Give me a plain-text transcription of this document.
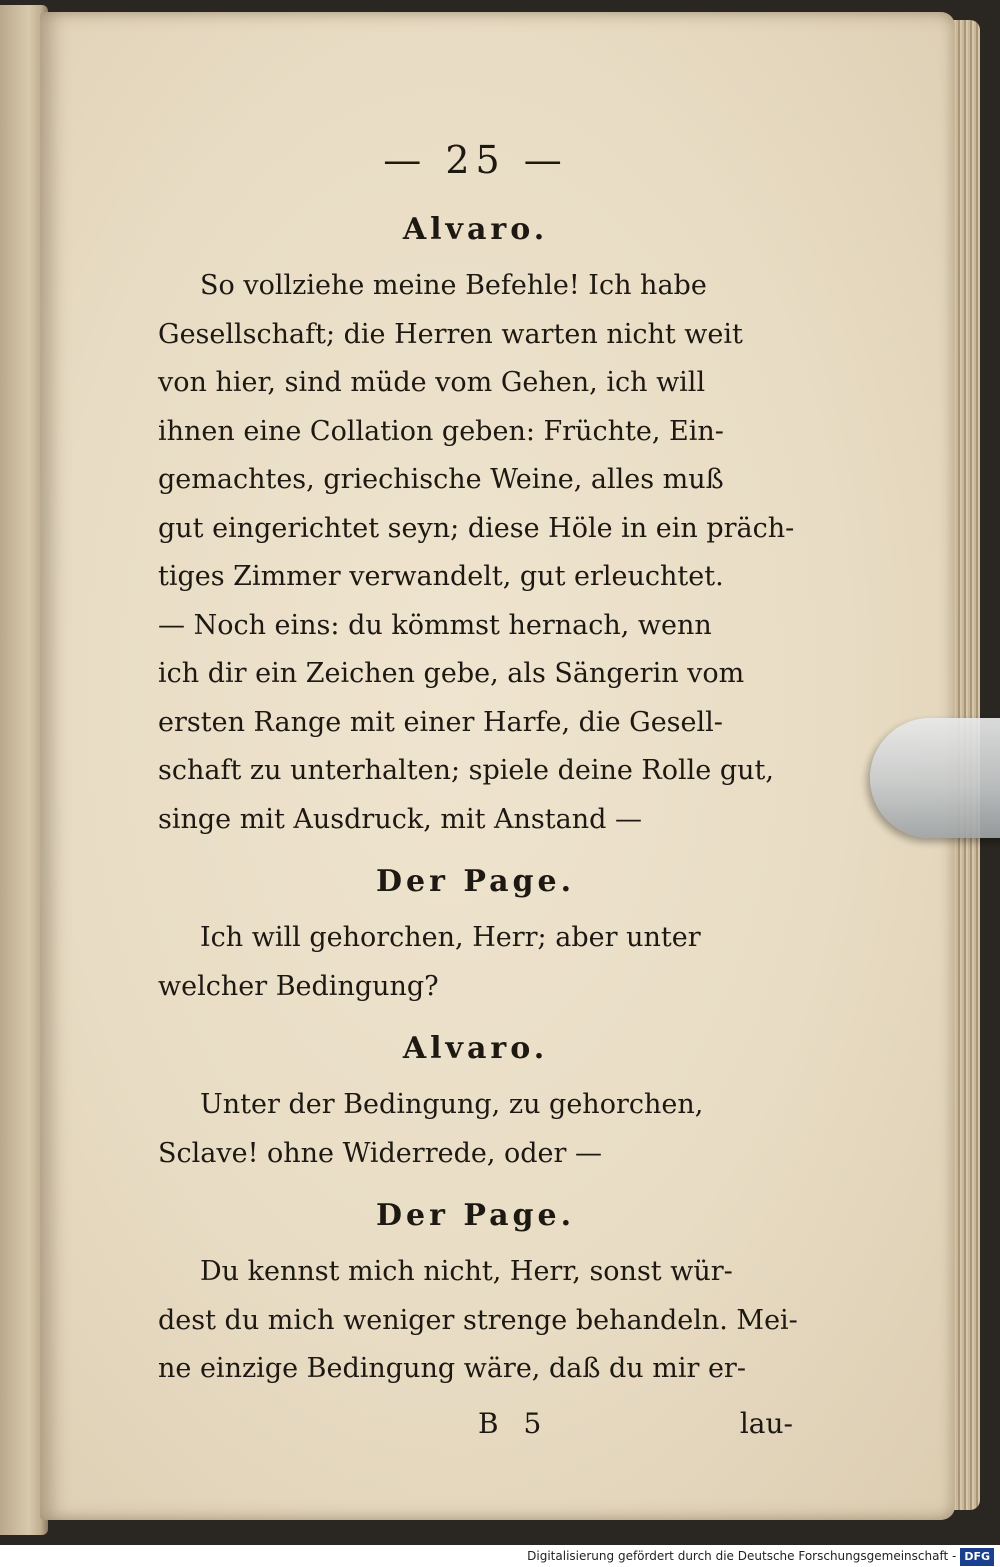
— 25 —
Alvaro.
So vollziehe meine Befehle! Ich habe
Gesellschaft; die Herren warten nicht weit
von hier, sind müde vom Gehen, ich will
ihnen eine Collation geben: Früchte, Ein-
gemachtes, griechische Weine, alles muß
gut eingerichtet seyn; diese Höle in ein präch-
tiges Zimmer verwandelt, gut erleuchtet.
— Noch eins: du kömmst hernach, wenn
ich dir ein Zeichen gebe, als Sängerin vom
ersten Range mit einer Harfe, die Gesell-
schaft zu unterhalten; spiele deine Rolle gut,
singe mit Ausdruck, mit Anstand —
Der Page.
Ich will gehorchen, Herr; aber unter
welcher Bedingung?
Alvaro.
Unter der Bedingung, zu gehorchen,
Sclave! ohne Widerrede, oder —
Der Page.
Du kennst mich nicht, Herr, sonst wür-
dest du mich weniger strenge behandeln. Mei-
ne einzige Bedingung wäre, daß du mir er-
B 5	lau-
Digitalisierung gefördert durch die Deutsche Forschungsgemeinschaft - DFG
